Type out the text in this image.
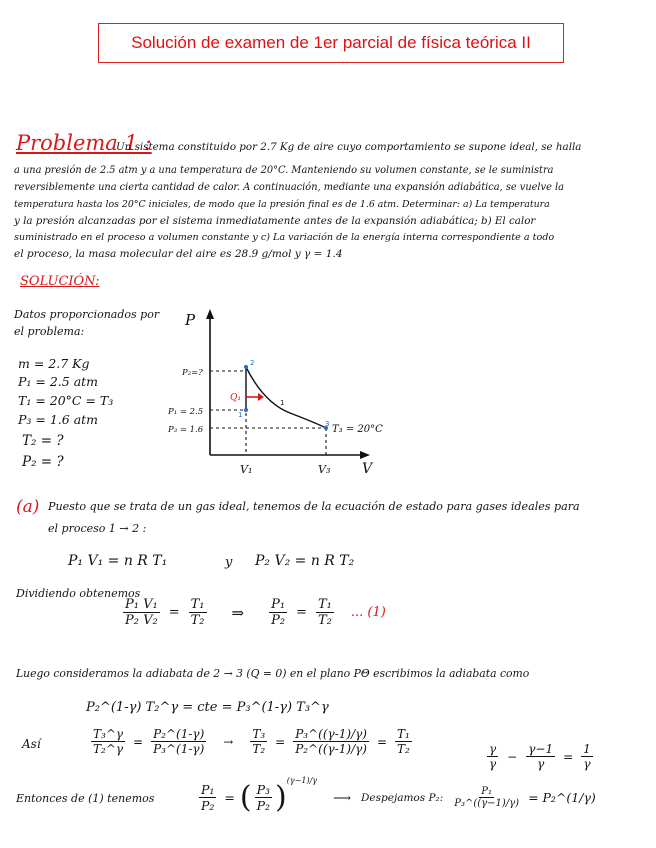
Solución de examen de 1er parcial de física teórica II
Problema 1 :
Un sistema constituido por 2.7 Kg de aire cuyo comportamiento se supone ideal, se halla
a una presión de 2.5 atm y a una temperatura de 20°C. Manteniendo su volumen constante, se le suministra
reversiblemente una cierta cantidad de calor. A continuación, mediante una expansión adiabática, se vuelve la
temperatura hasta los 20°C iniciales, de modo que la presión final es de 1.6 atm. Determinar: a) La temperatura
y la presión alcanzadas por el sistema inmediatamente antes de la expansión adiabática; b) El calor
suministrado en el proceso a volumen constante y c) La variación de la energía interna correspondiente a todo
el proceso, la masa molecular del aire es 28.9 g/mol y γ = 1.4
SOLUCIÓN:
Datos proporcionados por
el problema:
m = 2.7 Kg
P₁ = 2.5 atm
T₁ = 20°C = T₃
P₃ = 1.6 atm
T₂ = ?
P₂ = ?
P
V
P₂=?
P₁ = 2.5
P₃ = 1.6
V₁	V₃
T₃ = 20°C
Q₁
1
2
3
1
(a) Puesto que se trata de un gas ideal, tenemos de la ecuación de estado para gases ideales para
el proceso 1 → 2 :
P₁ V₁ = n R T₁	y P₂ V₂ = n R T₂
Dividiendo obtenemos
$\frac{\text{P₁ V₁}}{\text{P₂ V₂}} = \frac{\text{T₁}}{\text{T₂}}$ ⇒ $\frac{\text{P₁}}{\text{P₂}} = \frac{\text{T₁}}{\text{T₂}}$ ... (1)
Luego consideramos la adiabata de 2 → 3 (Q = 0) en el plano PΘ escribimos la adiabata como
P₂^(1-γ) T₂^γ = cte = P₃^(1-γ) T₃^γ
Así	$\frac{\text{T₃\textasciicircum{}γ}}{\text{T₂\textasciicircum{}γ}} = \frac{\text{P₂\textasciicircum{}(1-γ)}}{\text{P₃\textasciicircum{}(1-γ)}} \to \frac{\text{T₃}}{\text{T₂}} = \frac{\text{P₃\textasciicircum{}((γ-1)/γ)}}{\text{P₂\textasciicircum{}((γ-1)/γ)}} = \frac{\text{T₁}}{\text{T₂}}$
$\frac{\gamma}{\gamma} - \frac{\gamma-1}{\gamma} = \frac{1}{\gamma}$
Entonces de (1) tenemos	$\frac{\text{P₁}}{\text{P₂}}$ = ( $\frac{\text{P₃}}{\text{P₂}}$ ) (γ−1)/γ
⟶ Despejamos P₂: $\frac{\text{P₁}}{\text{P₃\textasciicircum{}((γ−1)/γ)}}$ = P₂^(1/γ)
